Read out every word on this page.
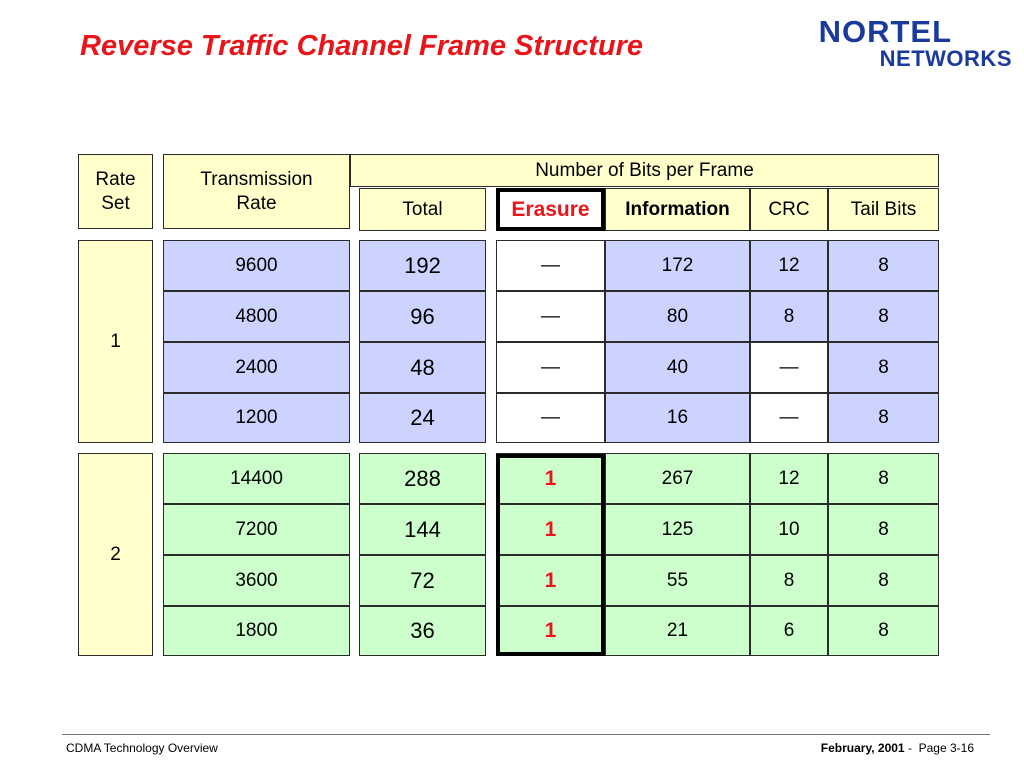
Reverse Traffic Channel Frame Structure	NORTEL
NETWORKS
Rate Set
Transmission Rate
Number of Bits per Frame
Total	Erasure	Information	CRC	Tail Bits
1
9600	192	—	172	12	8
4800	96	—	80	8	8
2400	48	—	40	—	8
1200	24	—	16	—	8
2
14400	288	1	267	12	8
7200	144	1	125	10	8
3600	72	1	55	8	8
1800	36	1	21	6	8
CDMA Technology Overview	February, 2001 -  Page 3-16
